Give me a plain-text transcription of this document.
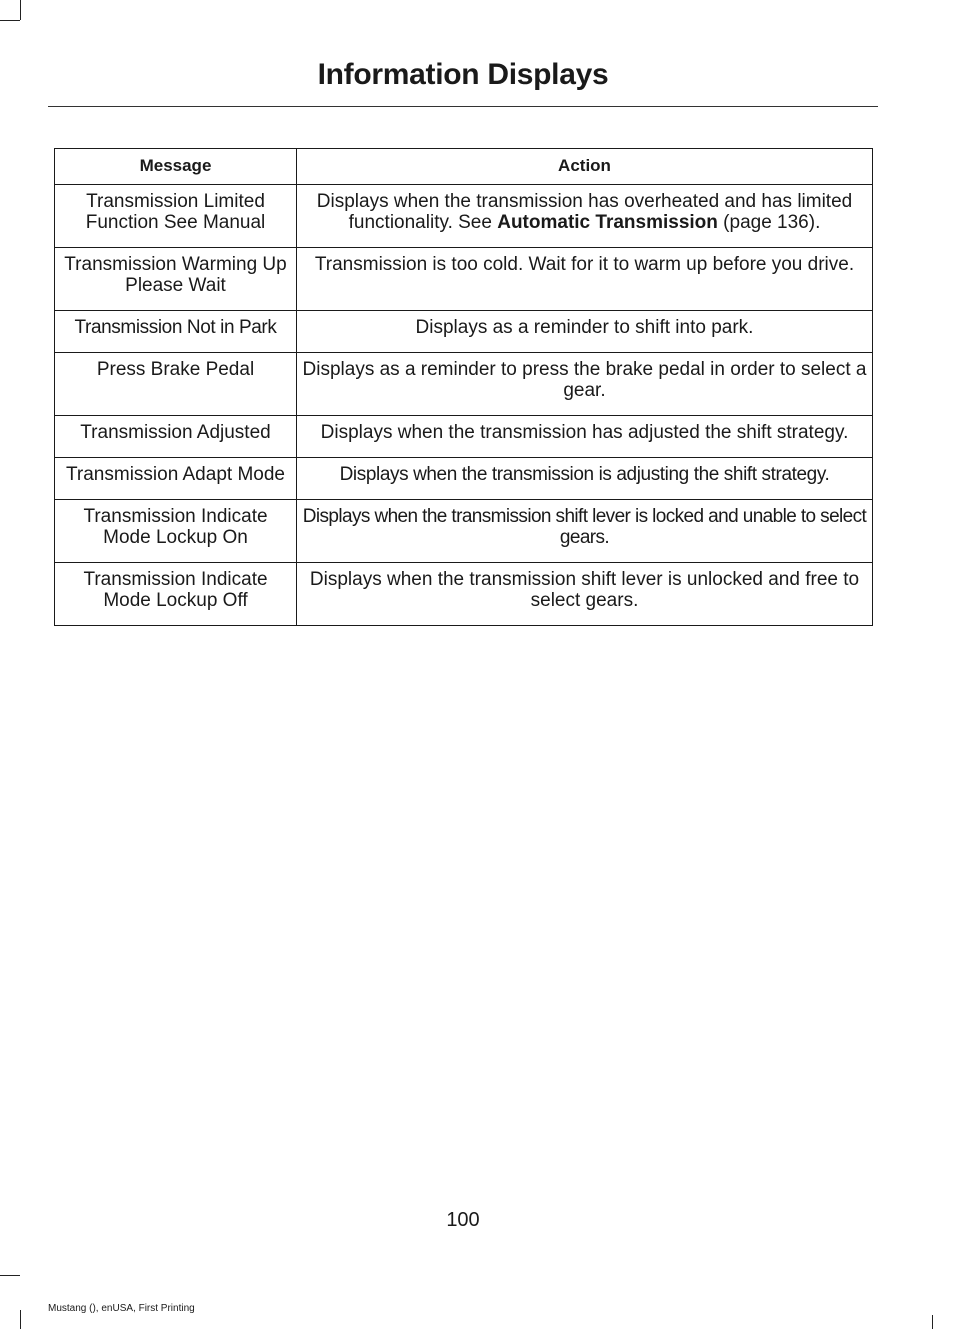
Information Displays
Message	Action
Transmission Limited Function See Manual	Displays when the transmission has overheated and has limited functionality. See Automatic Transmission (page 136).
Transmission Warming Up Please Wait	Transmission is too cold. Wait for it to warm up before you drive.
Transmission Not in Park	Displays as a reminder to shift into park.
Press Brake Pedal	Displays as a reminder to press the brake pedal in order to select a gear.
Transmission Adjusted	Displays when the transmission has adjusted the shift strategy.
Transmission Adapt Mode	Displays when the transmission is adjusting the shift strategy.
Transmission Indicate Mode Lockup On	Displays when the transmission shift lever is locked and unable to select gears.
Transmission Indicate Mode Lockup Off	Displays when the transmission shift lever is unlocked and free to select gears.
100
Mustang (), enUSA, First Printing
